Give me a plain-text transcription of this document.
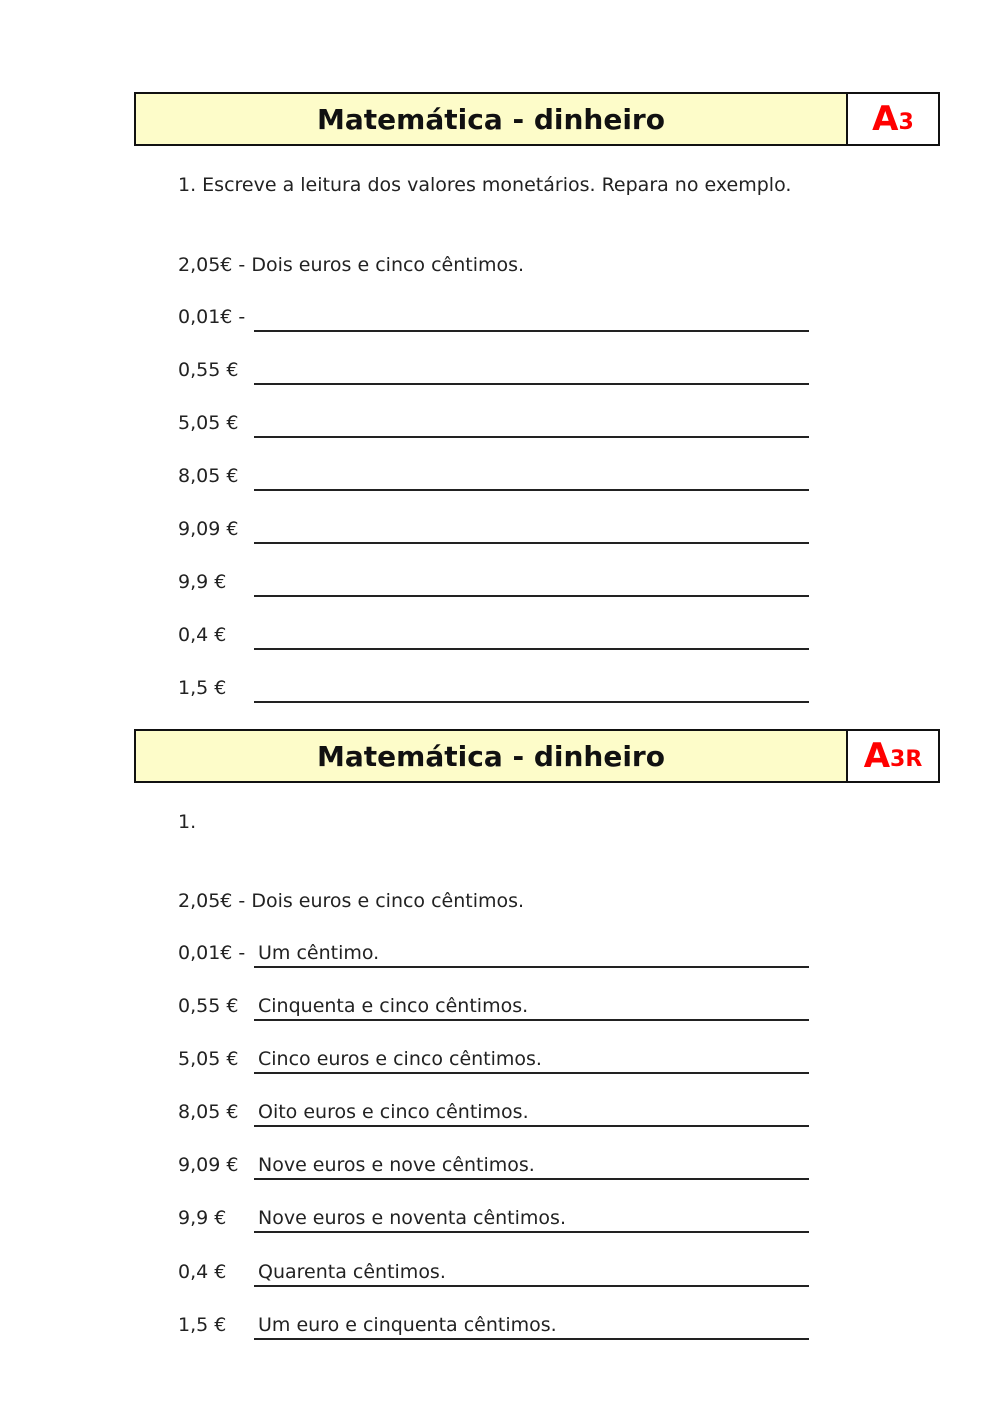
Matemática - dinheiro	A 3
1. Escreve a leitura dos valores monetários. Repara no exemplo.
2,05€ - Dois euros e cinco cêntimos.
0,01€ -
0,55 €
5,05 €
8,05 €
9,09 €
9,9 €
0,4 €
1,5 €
Matemática - dinheiro	A 3R
1.
2,05€ - Dois euros e cinco cêntimos.
0,01€ - Um cêntimo.
0,55 € Cinquenta e cinco cêntimos.
5,05 € Cinco euros e cinco cêntimos.
8,05 € Oito euros e cinco cêntimos.
9,09 € Nove euros e nove cêntimos.
9,9 € Nove euros e noventa cêntimos.
0,4 € Quarenta cêntimos.
1,5 € Um euro e cinquenta cêntimos.
